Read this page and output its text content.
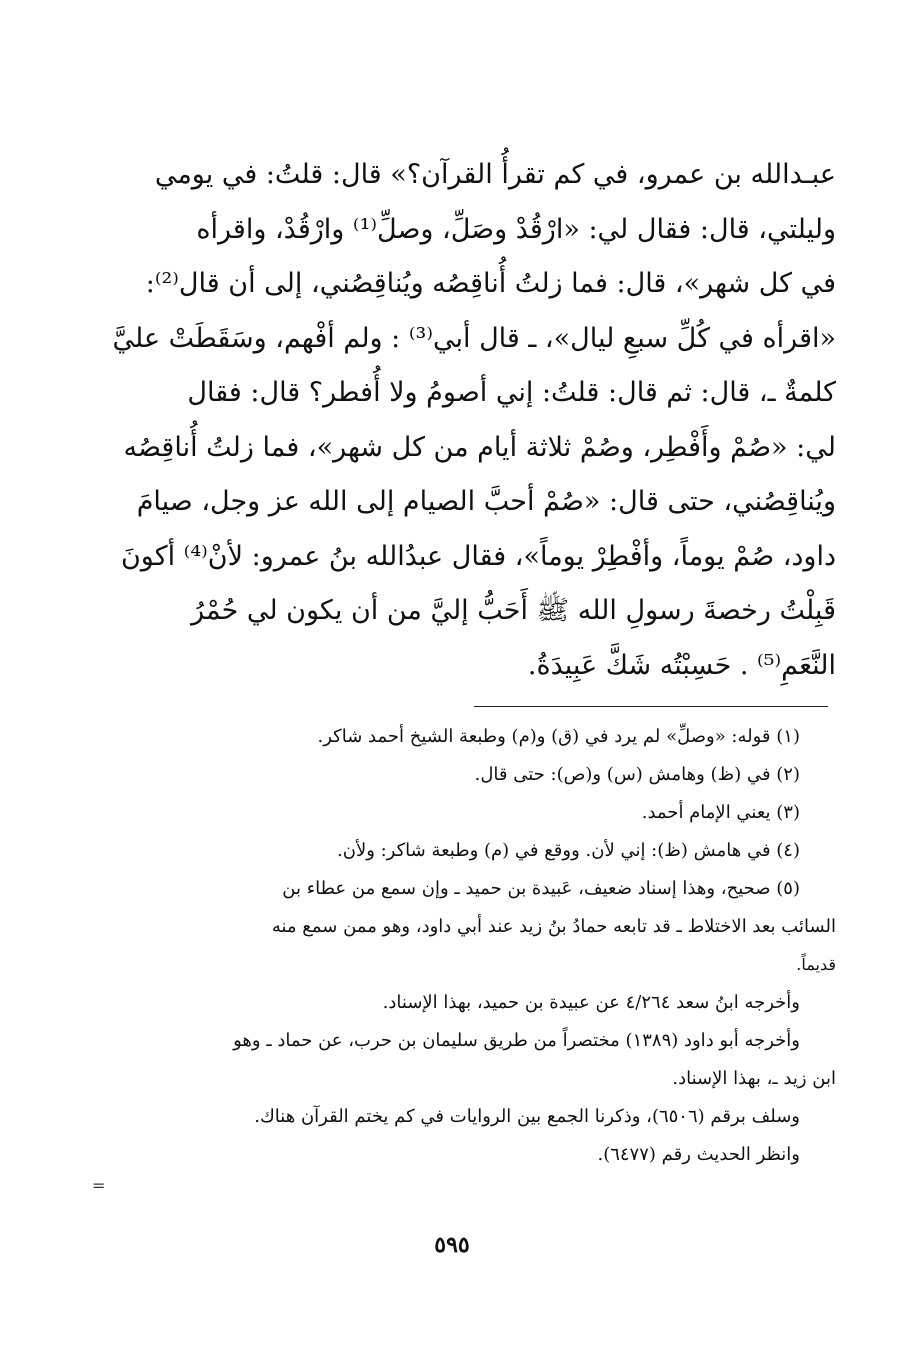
عبـدالله بن عمرو، في كم تقرأُ القرآن؟» قال: قلتُ: في يومي
وليلتي، قال: فقال لي: «ارْقُدْ وصَلِّ، وصلِّ⁽¹⁾ وارْقُدْ، واقرأه
في كل شهر»، قال: فما زلتُ أُناقِصُه ويُناقِصُني، إلى أن قال⁽²⁾:
«اقرأه في كُلِّ سبعِ ليال»، ـ قال أبي⁽³⁾ : ولم أفْهم، وسَقَطَتْ عليَّ
كلمةٌ ـ، قال: ثم قال: قلتُ: إني أصومُ ولا أُفطر؟ قال: فقال
لي: «صُمْ وأَفْطِر، وصُمْ ثلاثة أيام من كل شهر»، فما زلتُ أُناقِصُه
ويُناقِصُني، حتى قال: «صُمْ أحبَّ الصيام إلى الله عز وجل، صيامَ
داود، صُمْ يوماً، وأفْطِرْ يوماً»، فقال عبدُالله بنُ عمرو: لأنْ⁽⁴⁾ أكونَ
قَبِلْتُ رخصةَ رسولِ الله ﷺ أَحَبُّ إليَّ من أن يكون لي حُمْرُ
النَّعَمِ⁽⁵⁾ . حَسِبْتُه شَكَّ عَبِيدَةُ.
(١) قوله: «وصلِّ» لم يرد في (ق) و(م) وطبعة الشيخ أحمد شاكر.
(٢) في (ظ) وهامش (س) و(ص): حتى قال.
(٣) يعني الإمام أحمد.
(٤) في هامش (ظ): إني لأن. ووقع في (م) وطبعة شاكر: ولأن.
(٥) صحيح، وهذا إسناد ضعيف، عَبيدة بن حميد ـ وإن سمع من عطاء بن
السائب بعد الاختلاط ـ قد تابعه حمادُ بنُ زيد عند أبي داود، وهو ممن سمع منه
قديماً.
وأخرجه ابنُ سعد ٤/٢٦٤ عن عبيدة بن حميد، بهذا الإسناد.
وأخرجه أبو داود (١٣٨٩) مختصراً من طريق سليمان بن حرب، عن حماد ـ وهو
ابن زيد ـ، بهذا الإسناد.
وسلف برقم (٦٥٠٦)، وذكرنا الجمع بين الروايات في كم يختم القرآن هناك.
وانظر الحديث رقم (٦٤٧٧).
=
٥٩٥
